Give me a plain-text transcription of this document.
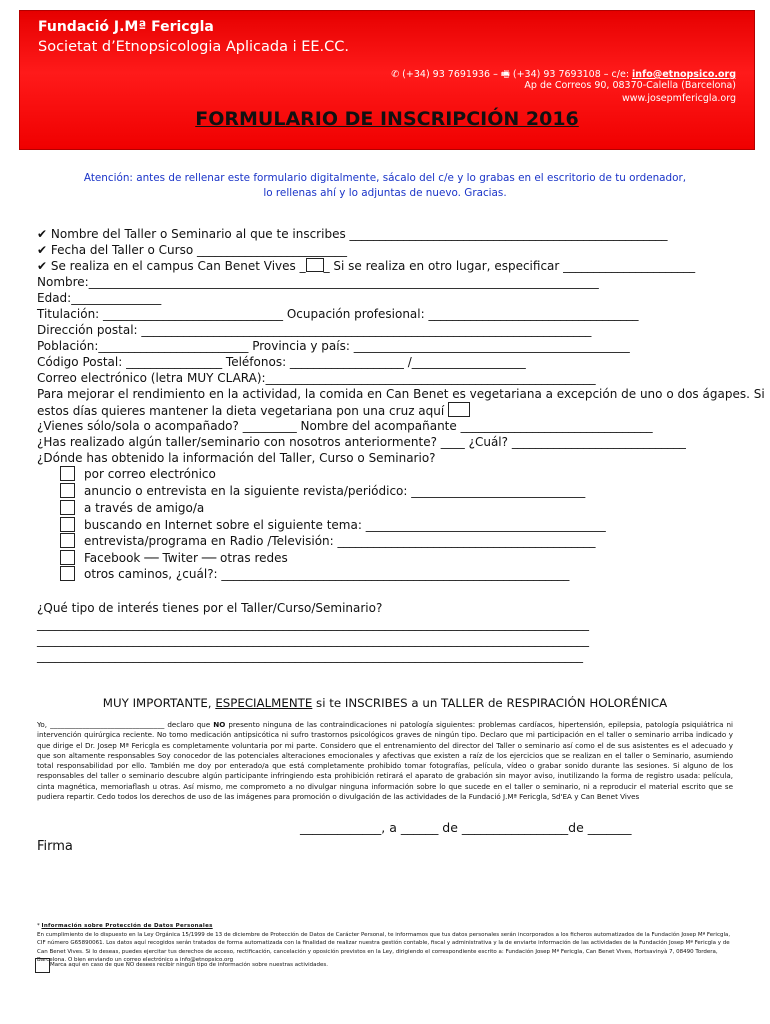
Fundació J.Mª Fericgla
Societat d’Etnopsicologia Aplicada i EE.CC.
✆ (+34) 93 7691936 – 🖷 (+34) 93 7693108 – c/e: info@etnopsico.org
Ap de Correos 90, 08370-Calella (Barcelona)
www.josepmfericgla.org
FORMULARIO DE INSCRIPCIÓN 2016
Atención: antes de rellenar este formulario digitalmente, sácalo del c/e y lo grabas en el escritorio de tu ordenador,
lo rellenas ahí y lo adjuntas de nuevo. Gracias.
✔ Nombre del Taller o Seminario al que te inscribes _____________________________________________________
✔ Fecha del Taller o Curso _________________________
✔ Se realiza en el campus Can Benet Vives _ _ Si se realiza en otro lugar, especificar ______________________
Nombre:_____________________________________________________________________________________
Edad:_______________
Titulación: ______________________________ Ocupación profesional: ___________________________________
Dirección postal: ___________________________________________________________________________
Población:_________________________ Provincia y país: ______________________________________________
Código Postal: ________________ Teléfonos: ___________________ /___________________
Correo electrónico (letra MUY CLARA):_______________________________________________________
Para mejorar el rendimiento en la actividad, la comida en Can Benet es vegetariana a excepción de uno o dos ágapes. Si
estos días quieres mantener la dieta vegetariana pon una cruz aquí
¿Vienes sólo/sola o acompañado? _________ Nombre del acompañante ________________________________
¿Has realizado algún taller/seminario con nosotros anteriormente? ____ ¿Cuál? _____________________________
¿Dónde has obtenido la información del Taller, Curso o Seminario?
por correo electrónico
anuncio o entrevista en la siguiente revista/periódico: _____________________________
a través de amigo/a
buscando en Internet sobre el siguiente tema: ________________________________________
entrevista/programa en Radio /Televisión: ___________________________________________
Facebook ── Twiter ── otras redes
otros caminos, ¿cuál?: __________________________________________________________
¿Qué tipo de interés tienes por el Taller/Curso/Seminario?
____________________________________________________________________________________________
____________________________________________________________________________________________
___________________________________________________________________________________________
MUY IMPORTANTE, ESPECIALMENTE si te INSCRIBES a un TALLER de RESPIRACIÓN HOLORÉNICA
Yo, ________________________________ declaro que NO presento ninguna de las contraindicaciones ni patología siguientes: problemas cardíacos, hipertensión, epilepsia, patología psiquiátrica ni intervención quirúrgica reciente. No tomo medicación antipsicótica ni sufro trastornos psicológicos graves de ningún tipo. Declaro que mi participación en el taller o seminario arriba indicado y que dirige el Dr. Josep Mª Fericgla es completamente voluntaria por mi parte. Considero que el entrenamiento del director del Taller o seminario así como el de sus asistentes es el adecuado y que son altamente responsables Soy conocedor de las potenciales alteraciones emocionales y afectivas que existen a raíz de los ejercicios que se realizan en el taller o Seminario, asumiendo total responsabilidad por ello. También me doy por enterado/a que está completamente prohibido tomar fotografías, película, vídeo o grabar sonido durante las sesiones. Si alguno de los responsables del taller o seminario descubre algún participante infringiendo esta prohibición retirará el aparato de grabación sin mayor aviso, inutilizando la forma de registro usada: película, cinta magnética, memoriaflash u otras. Así mismo, me comprometo a no divulgar ninguna información sobre lo que sucede en el taller o seminario, ni a reproducir el material escrito que se pudiera repartir. Cedo todos los derechos de uso de las imágenes para promoción o divulgación de las actividades de la Fundació J.Mª Fericgla, Sd'EA y Can Benet Vives
_____________, a ______ de _________________de _______
Firma
* Información sobre Protección de Datos Personales
En cumplimiento de lo dispuesto en la Ley Orgánica 15/1999 de 13 de diciembre de Protección de Datos de Carácter Personal, te informamos que tus datos personales serán incorporados a los ficheros automatizados de la Fundación Josep Mª Fericgla, CIF número G65890061. Los datos aquí recogidos serán tratados de forma automatizada con la finalidad de realizar nuestra gestión contable, fiscal y administrativa y la de enviarte información de las actividades de la Fundación Josep Mª Fericgla y de Can Benet Vives. Si lo deseas, puedes ejercitar tus derechos de acceso, rectificación, cancelación y oposición previstos en la Ley, dirigiendo el correspondiente escrito a: Fundación Josep Mª Fericgla, Can Benet Vives, Hortsavinyà 7, 08490 Tordera, Barcelona. O bien enviando un correo electrónico a info@etnopsico.org
Marca aquí en caso de que NO desees recibir ningún tipo de información sobre nuestras actividades.
